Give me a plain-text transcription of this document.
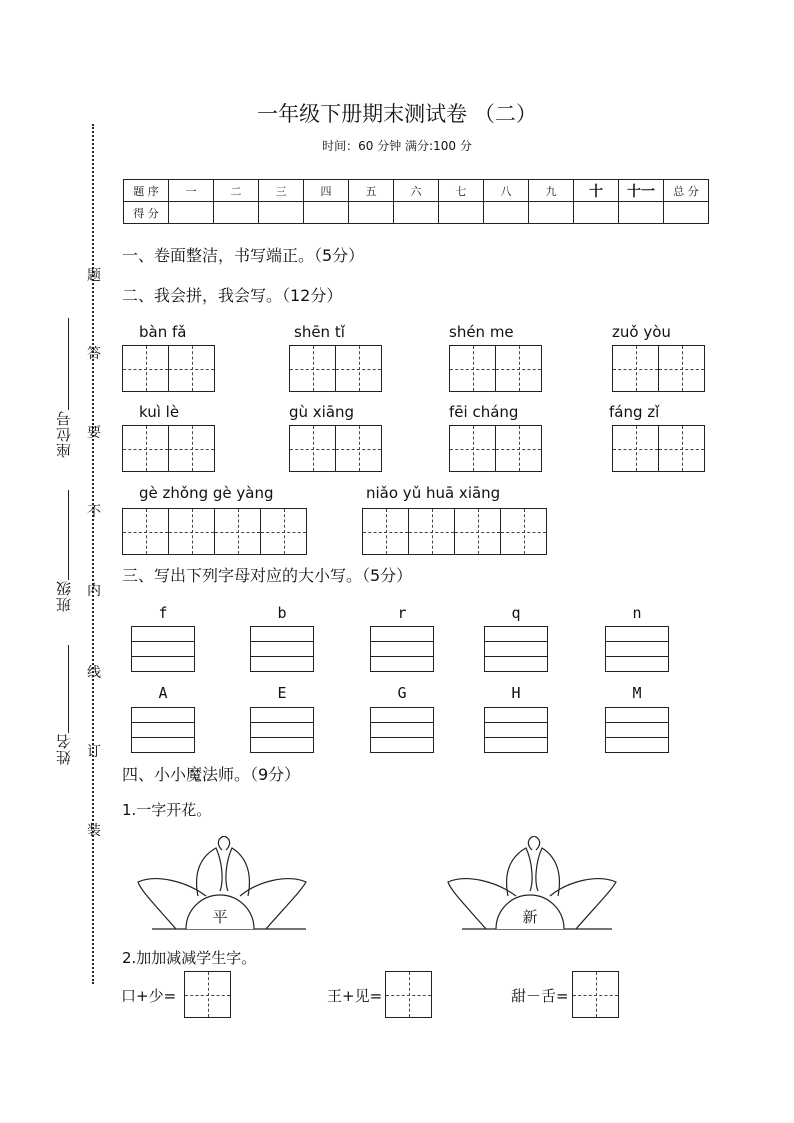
题
答
要
不
内
线
订
装
座位号
班级
姓名
一年级下册期末测试卷 （二）
时间：60 分钟 满分:100 分
题 序	一	二	三	四	五	六	七	八	九	十	十一	总 分
得 分												
一、卷面整洁，书写端正。（5分）
二、我会拼，我会写。（12分）
bàn fǎ	shēn tǐ	shén me	zuǒ yòu
kuì lè	gù xiāng	fēi cháng	fáng zǐ
gè zhǒng gè yàng	niǎo yǔ huā xiāng
三、写出下列字母对应的大小写。（5分）
f	b	r	q	n
A	E	G	H	M
四、小小魔法师。（9分）
1.一字开花。
平	新
2.加加减减学生字。
口+少=	王+见=	甜－舌=
